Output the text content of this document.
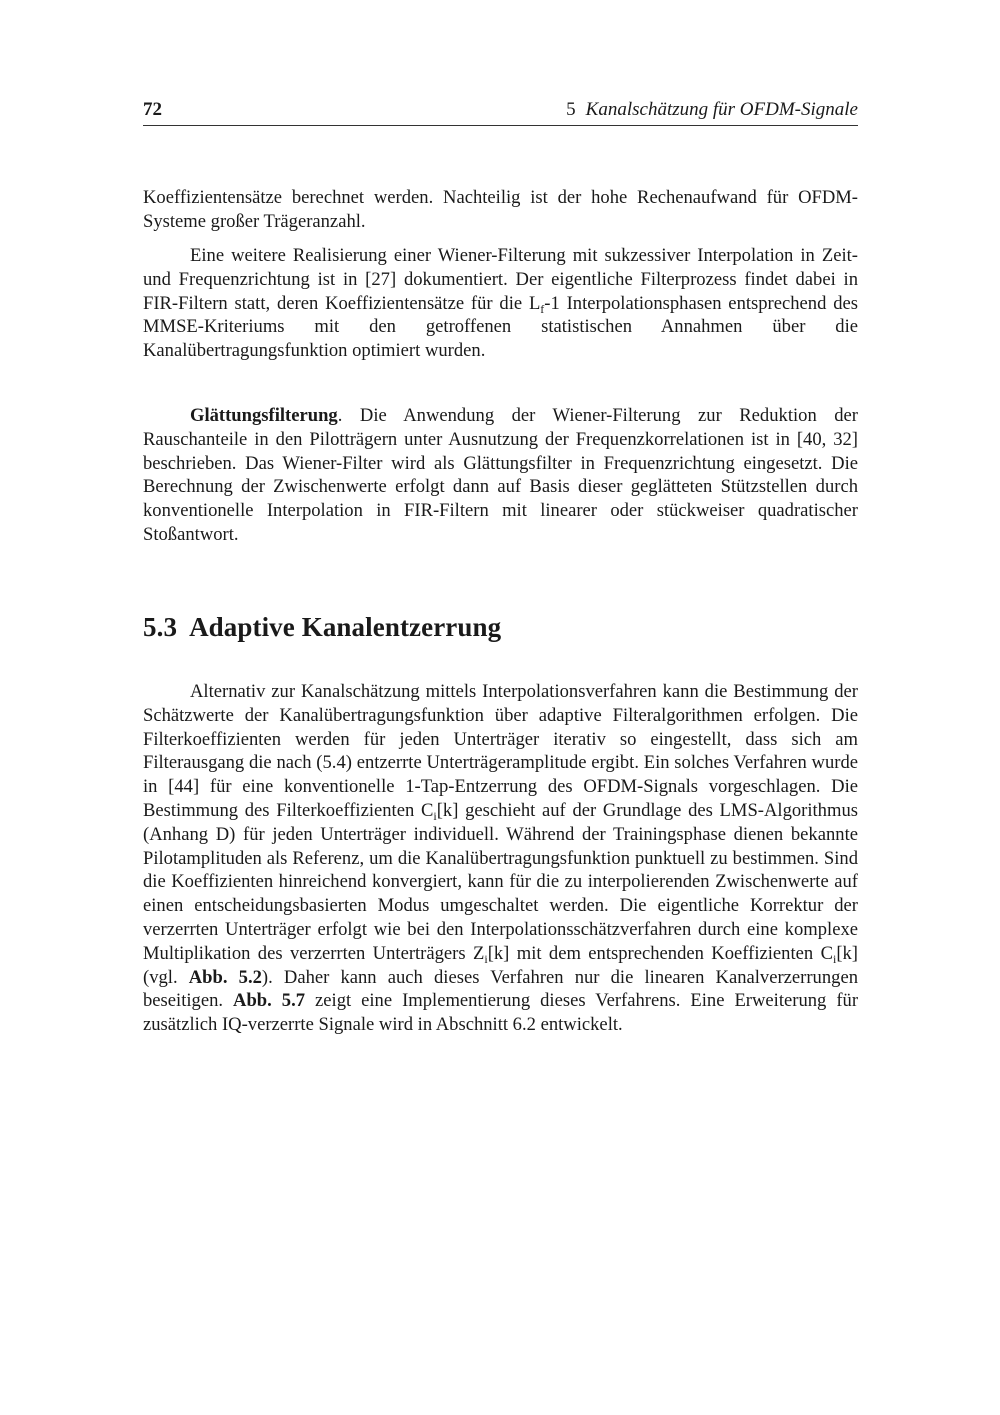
72	5 Kanalschätzung für OFDM-Signale

Koeffizientensätze berechnet werden. Nachteilig ist der hohe Rechenaufwand für OFDM-Systeme großer Trägeranzahl.

Eine weitere Realisierung einer Wiener-Filterung mit sukzessiver Interpolation in Zeit- und Frequenzrichtung ist in [27] dokumentiert. Der eigentliche Filterprozess findet dabei in FIR-Filtern statt, deren Koeffizientensätze für die $L_f-1$ Interpolationsphasen entsprechend des MMSE-Kriteriums mit den getroffenen statistischen Annahmen über die Kanalübertragungsfunktion optimiert wurden.

Glättungsfilterung. Die Anwendung der Wiener-Filterung zur Reduktion der Rauschanteile in den Pilotträgern unter Ausnutzung der Frequenzkorrelationen ist in [40, 32] beschrieben. Das Wiener-Filter wird als Glättungsfilter in Frequenzrichtung eingesetzt. Die Berechnung der Zwischenwerte erfolgt dann auf Basis dieser geglätteten Stützstellen durch konventionelle Interpolation in FIR-Filtern mit linearer oder stückweiser quadratischer Stoßantwort.

5.3 Adaptive Kanalentzerrung

Alternativ zur Kanalschätzung mittels Interpolationsverfahren kann die Bestimmung der Schätzwerte der Kanalübertragungsfunktion über adaptive Filteralgorithmen erfolgen. Die Filterkoeffizienten werden für jeden Unterträger iterativ so eingestellt, dass sich am Filterausgang die nach (5.4) entzerrte Unterträgeramplitude ergibt. Ein solches Verfahren wurde in [44] für eine konventionelle 1-Tap-Entzerrung des OFDM-Signals vorgeschlagen. Die Bestimmung des Filterkoeffizienten $C_i[k]$ geschieht auf der Grundlage des LMS-Algorithmus (Anhang D) für jeden Unterträger individuell. Während der Trainingsphase dienen bekannte Pilotamplituden als Referenz, um die Kanalübertragungsfunktion punktuell zu bestimmen. Sind die Koeffizienten hinreichend konvergiert, kann für die zu interpolierenden Zwischenwerte auf einen entscheidungsbasierten Modus umgeschaltet werden. Die eigentliche Korrektur der verzerrten Unterträger erfolgt wie bei den Interpolationsschätzverfahren durch eine komplexe Multiplikation des verzerrten Unterträgers $Z_i[k]$ mit dem entsprechenden Koeffizienten $C_i[k]$ (vgl. Abb. 5.2). Daher kann auch dieses Verfahren nur die linearen Kanalverzerrungen beseitigen. Abb. 5.7 zeigt eine Implementierung dieses Verfahrens. Eine Erweiterung für zusätzlich IQ-verzerrte Signale wird in Abschnitt 6.2 entwickelt.
